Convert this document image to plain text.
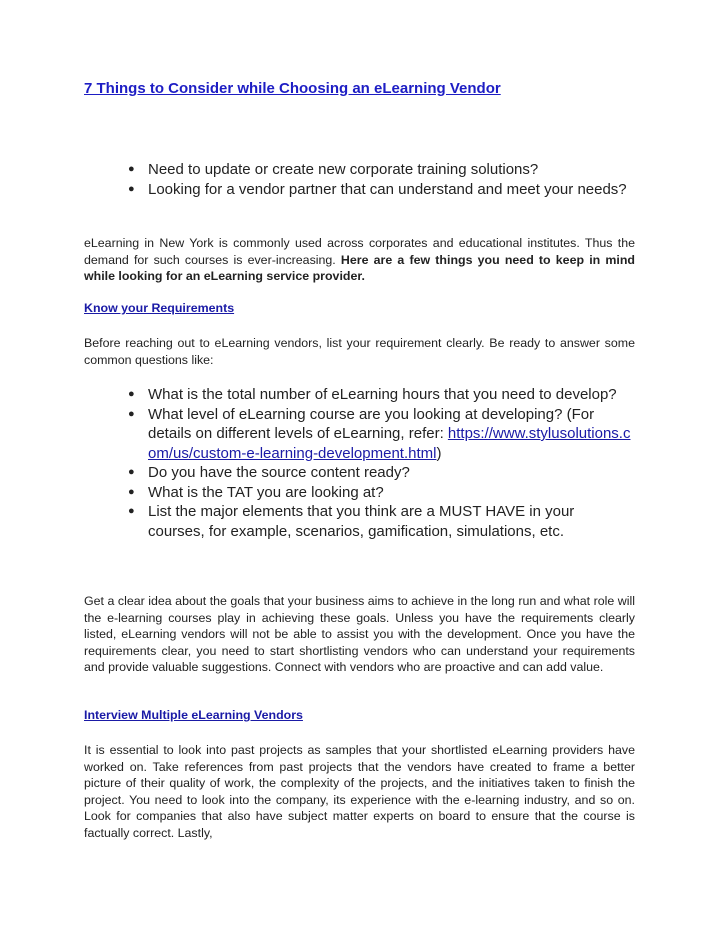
7 Things to Consider while Choosing an eLearning Vendor
● Need to update or create new corporate training solutions?
● Looking for a vendor partner that can understand and meet your needs?

eLearning in New York is commonly used across corporates and educational institutes. Thus the demand for such courses is ever-increasing. Here are a few things you need to keep in mind while looking for an eLearning service provider.

Know your Requirements

Before reaching out to eLearning vendors, list your requirement clearly. Be ready to answer some common questions like:

● What is the total number of eLearning hours that you need to develop?
● What level of eLearning course are you looking at developing? (For details on different levels of eLearning, refer: https://www.stylusolutions.com/us/custom-e-learning-development.html)
● Do you have the source content ready?
● What is the TAT you are looking at?
● List the major elements that you think are a MUST HAVE in your courses, for example, scenarios, gamification, simulations, etc.

Get a clear idea about the goals that your business aims to achieve in the long run and what role will the e-learning courses play in achieving these goals. Unless you have the requirements clearly listed, eLearning vendors will not be able to assist you with the development. Once you have the requirements clear, you need to start shortlisting vendors who can understand your requirements and provide valuable suggestions. Connect with vendors who are proactive and can add value.

Interview Multiple eLearning Vendors

It is essential to look into past projects as samples that your shortlisted eLearning providers have worked on. Take references from past projects that the vendors have created to frame a better picture of their quality of work, the complexity of the projects, and the initiatives taken to finish the project. You need to look into the company, its experience with the e-learning industry, and so on. Look for companies that also have subject matter experts on board to ensure that the course is factually correct. Lastly,
